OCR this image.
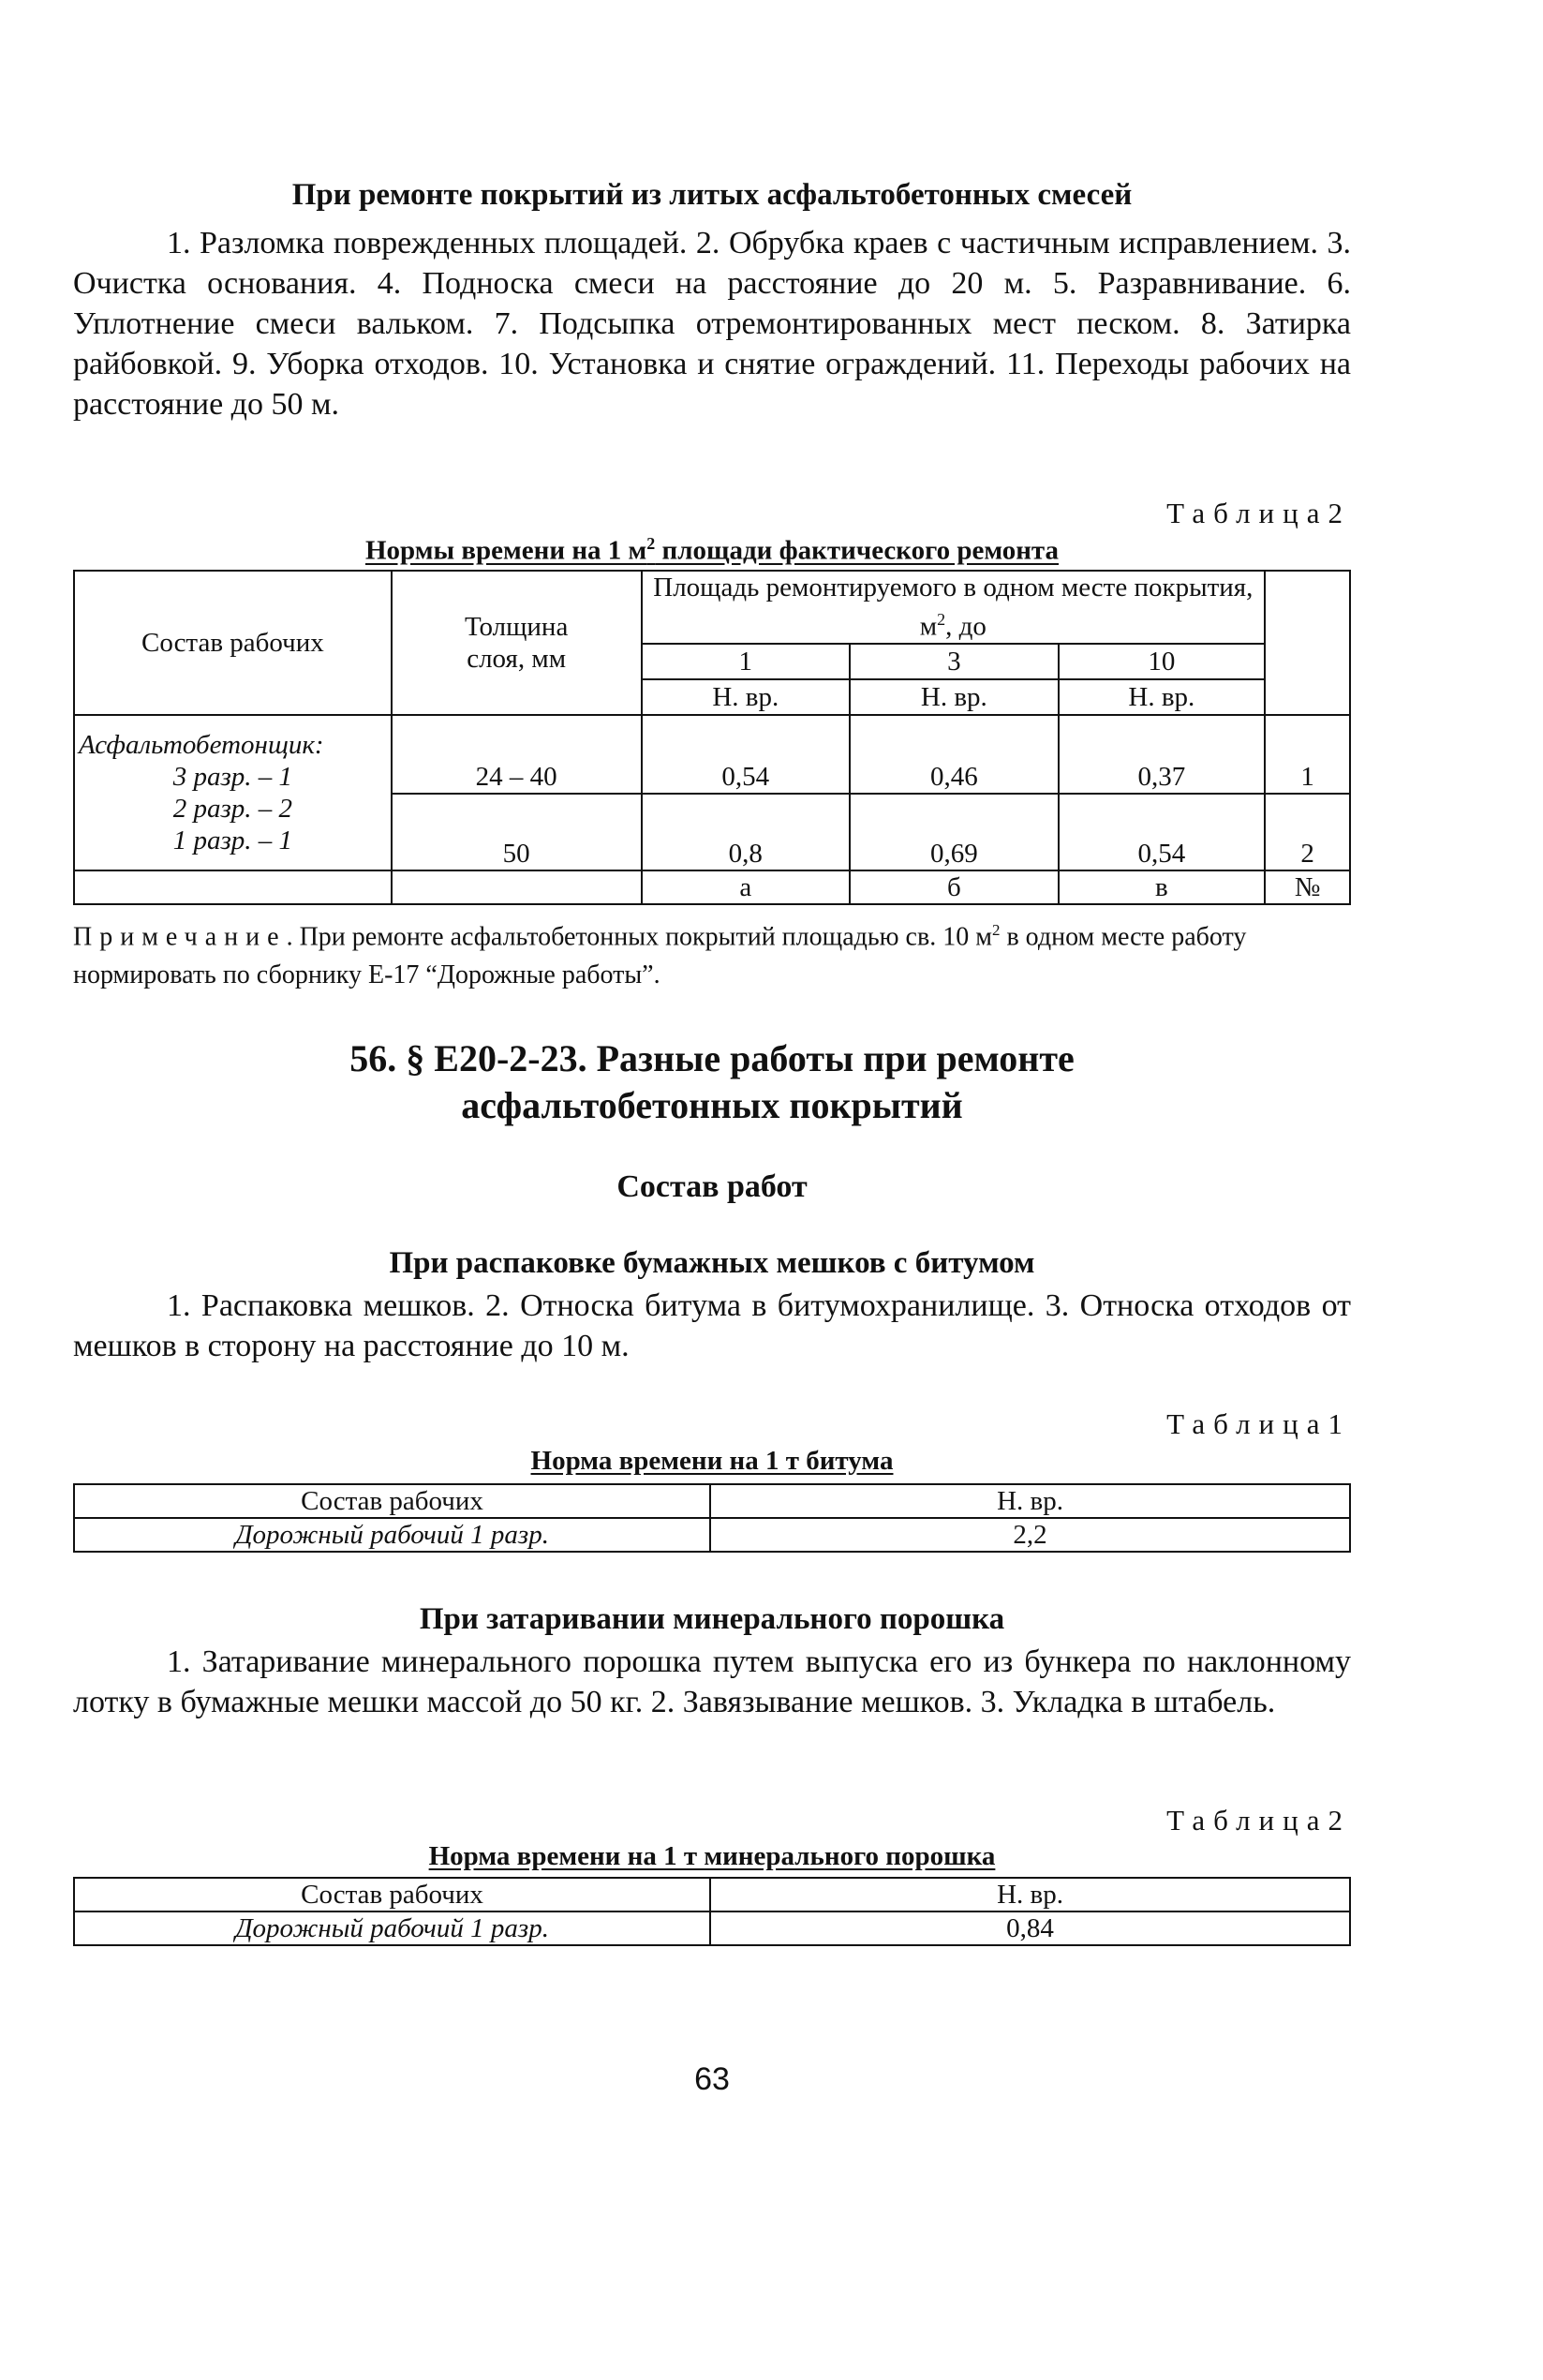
При ремонте покрытий из литых асфальтобетонных смесей

1. Разломка поврежденных площадей. 2. Обрубка краев с частичным исправлением. 3. Очистка основания. 4. Подноска смеси на расстояние до 20 м. 5. Разравнивание. 6. Уплотнение смеси вальком. 7. Подсыпка отремонтированных мест песком. 8. Затирка райбовкой. 9. Уборка отходов. 10. Установка и снятие ограждений. 11. Переходы рабочих на расстояние до 50 м.

Таблица2
Нормы времени на 1 $м^2$ площади фактического ремонта
Состав рабочих	Толщина слоя, мм	Площадь ремонтируемого в одном месте покрытия, $м^2$, до			
		1	3	10	
		Н. вр.	Н. вр.	Н. вр.	

Асфальтобетонщик:
3 разр. – 1
2 разр. – 2
1 разр. – 1	24 – 40	0,54	0,46	0,37	1
	50	0,8	0,69	0,54	2
		а	б	в	№

Примечание. При ремонте асфальтобетонных покрытий площадью св. 10 $м^2$ в одном месте работу нормировать по сборнику Е-17 “Дорожные работы”.

56. § Е20-2-23. Разные работы при ремонте
асфальтобетонных покрытий
Состав работ
При распаковке бумажных мешков с битумом

1. Распаковка мешков. 2. Относка битума в битумохранилище. 3. Относка отходов от мешков в сторону на расстояние до 10 м.

Таблица1
Норма времени на 1 т битума
Состав рабочих	Н. вр.
Дорожный рабочий 1 разр.	2,2
При затаривании минерального порошка

1. Затаривание минерального порошка путем выпуска его из бункера по наклонному лотку в бумажные мешки массой до 50 кг. 2. Завязывание мешков. 3. Укладка в штабель.

Таблица2
Норма времени на 1 т минерального порошка
Состав рабочих	Н. вр.
Дорожный рабочий 1 разр.	0,84
63
